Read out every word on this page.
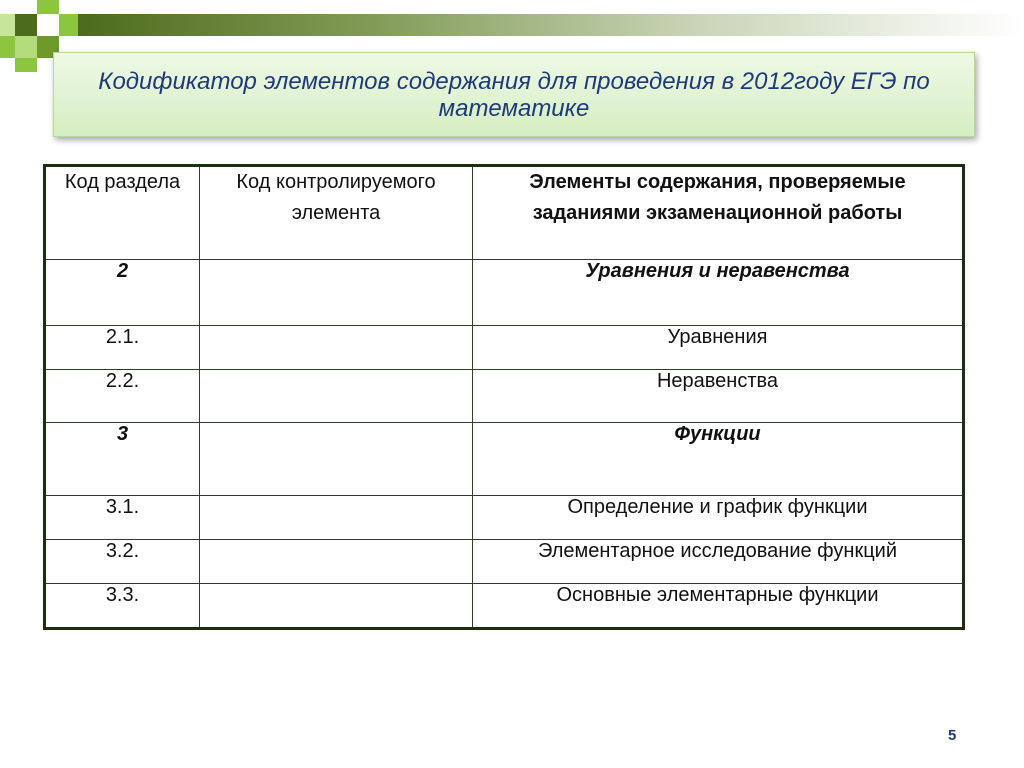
Кодификатор элементов содержания для проведения в 2012году ЕГЭ по математике
Код раздела	Код контролируемого элемента	Элементы содержания, проверяемые заданиями экзаменационной работы
2		Уравнения и неравенства
2.1.		Уравнения
2.2.		Неравенства
3		Функции
3.1.		Определение и график функции
3.2.		Элементарное исследование функций
3.3.		Основные элементарные функции
5
